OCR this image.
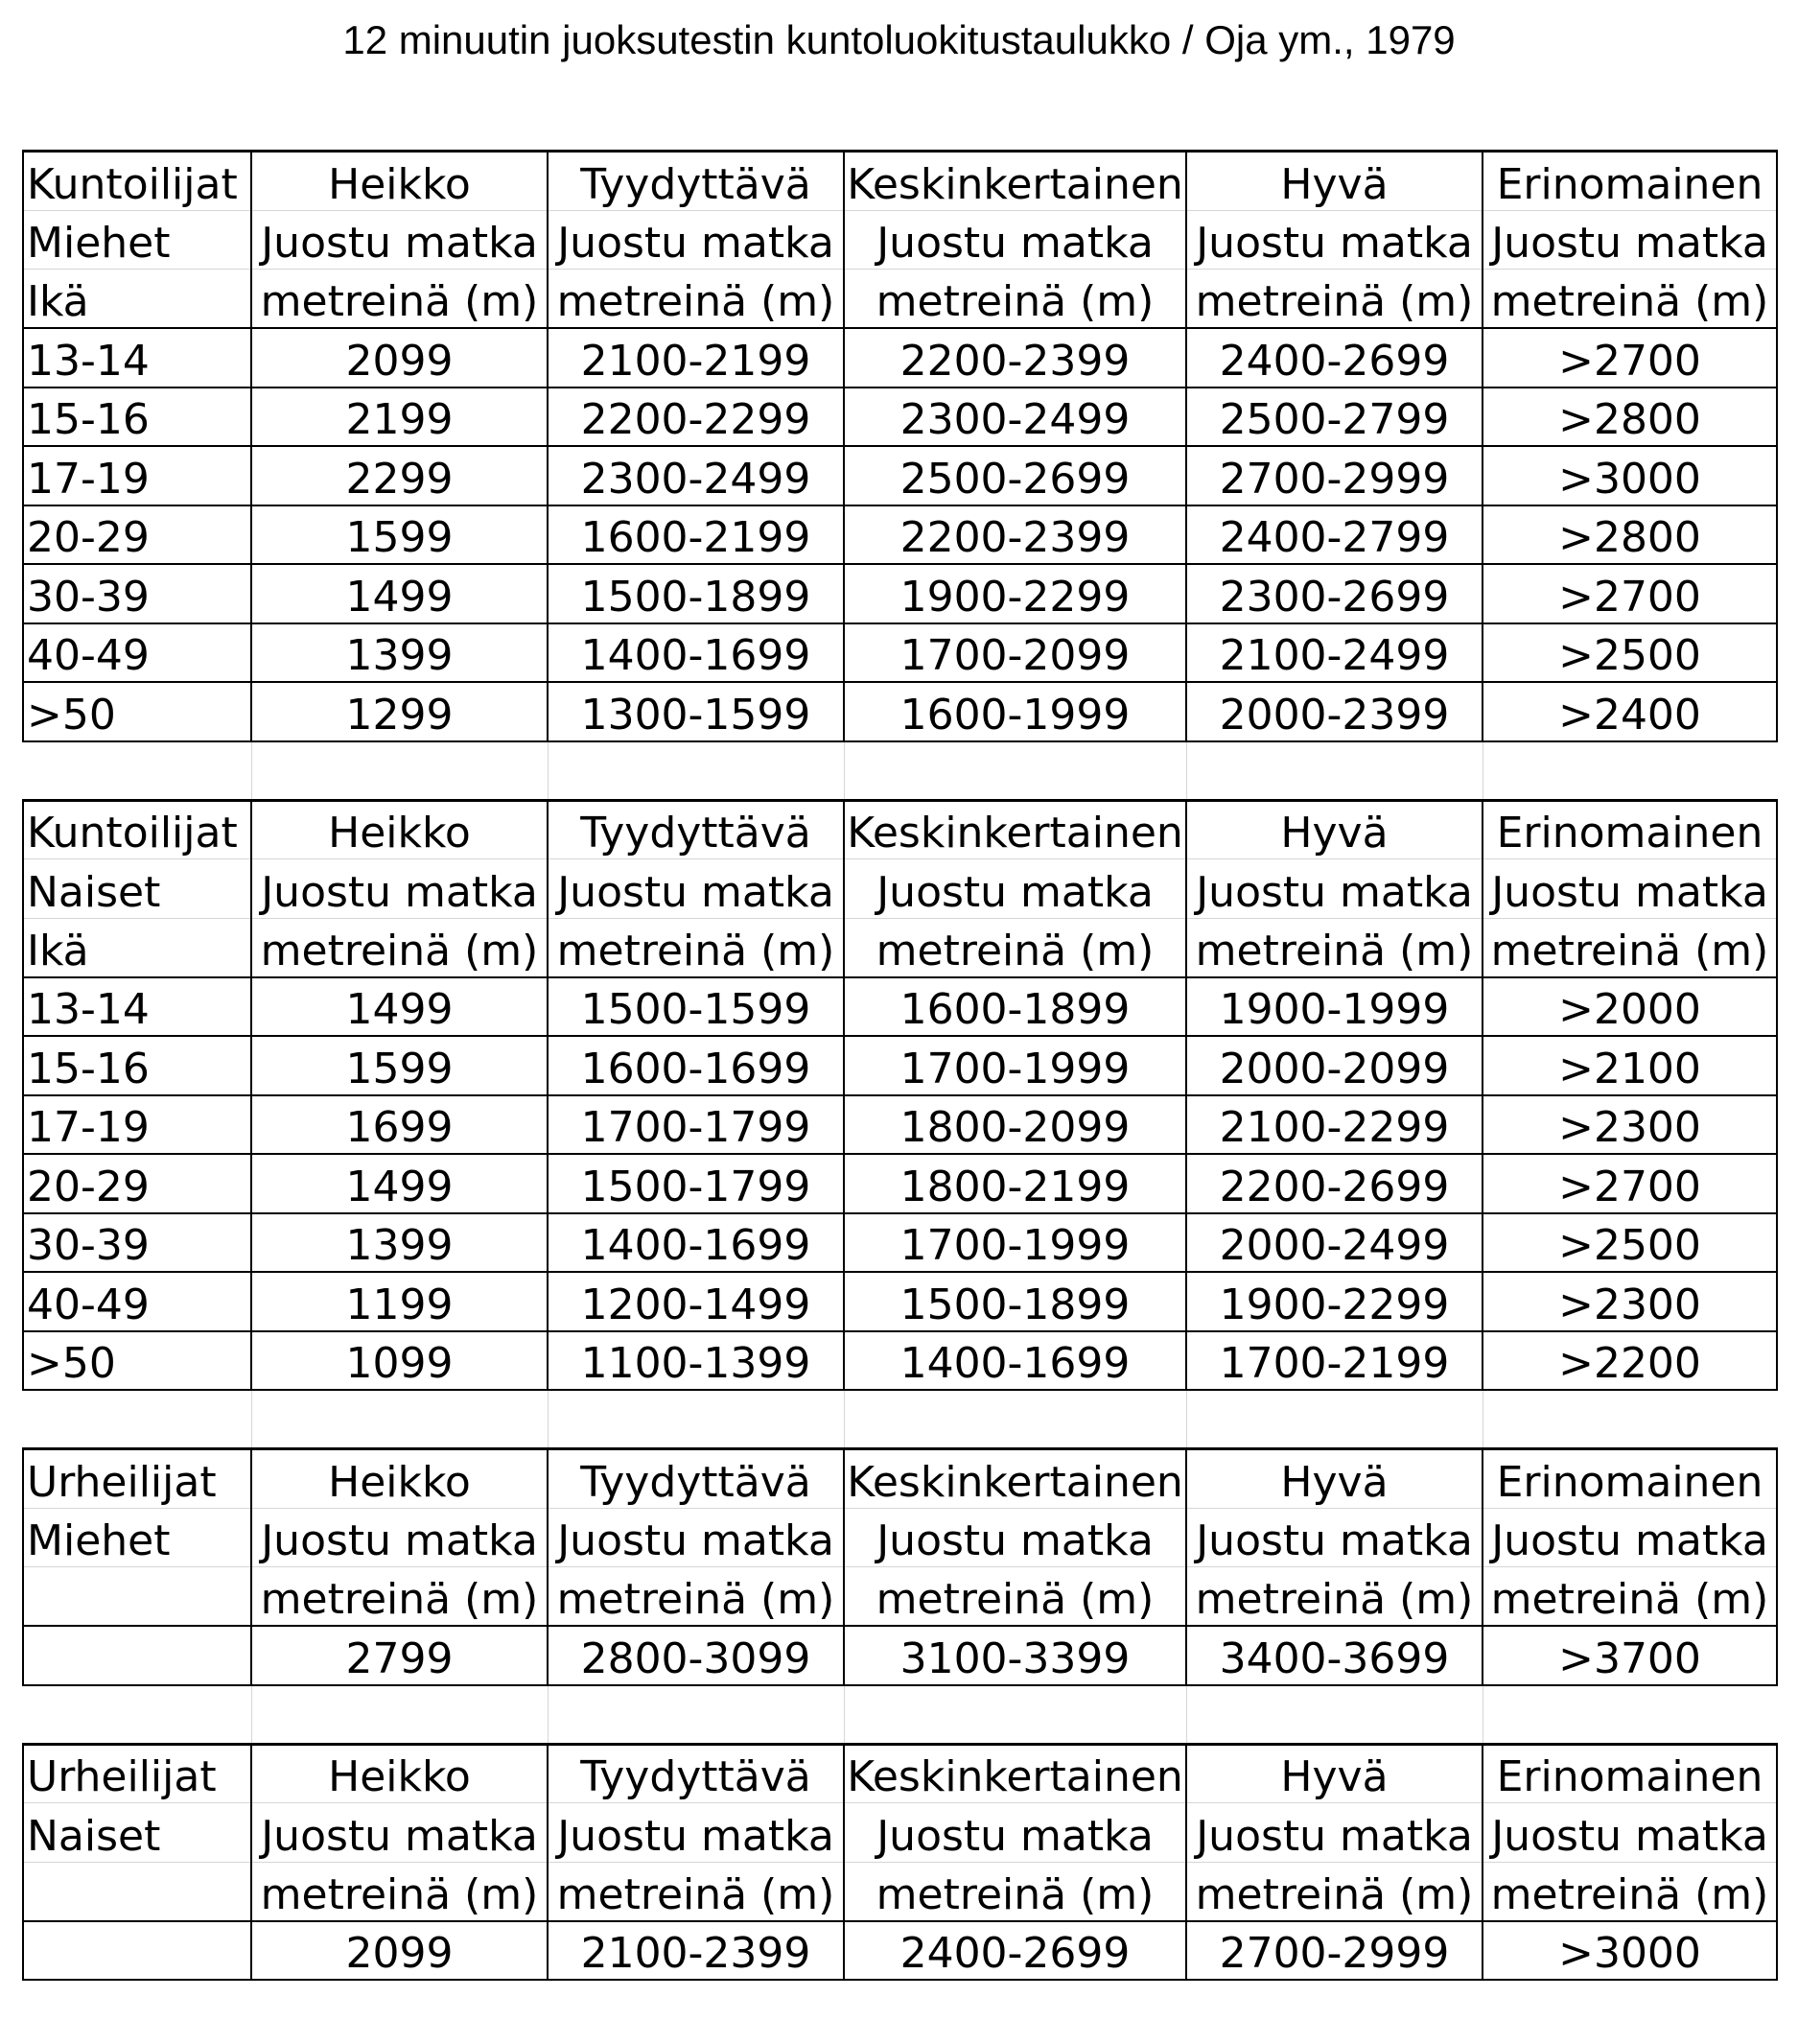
12 minuutin juoksutestin kuntoluokitustaulukko / Oja ym., 1979
Kuntoilijat	Heikko	Tyydyttävä	Keskinkertainen	Hyvä	Erinomainen
Miehet	Juostu matka	Juostu matka	Juostu matka	Juostu matka	Juostu matka
Ikä	metreinä (m)	metreinä (m)	metreinä (m)	metreinä (m)	metreinä (m)
13-14	2099	2100-2199	2200-2399	2400-2699	>2700
15-16	2199	2200-2299	2300-2499	2500-2799	>2800
17-19	2299	2300-2499	2500-2699	2700-2999	>3000
20-29	1599	1600-2199	2200-2399	2400-2799	>2800
30-39	1499	1500-1899	1900-2299	2300-2699	>2700
40-49	1399	1400-1699	1700-2099	2100-2499	>2500
>50	1299	1300-1599	1600-1999	2000-2399	>2400

Kuntoilijat	Heikko	Tyydyttävä	Keskinkertainen	Hyvä	Erinomainen
Naiset	Juostu matka	Juostu matka	Juostu matka	Juostu matka	Juostu matka
Ikä	metreinä (m)	metreinä (m)	metreinä (m)	metreinä (m)	metreinä (m)
13-14	1499	1500-1599	1600-1899	1900-1999	>2000
15-16	1599	1600-1699	1700-1999	2000-2099	>2100
17-19	1699	1700-1799	1800-2099	2100-2299	>2300
20-29	1499	1500-1799	1800-2199	2200-2699	>2700
30-39	1399	1400-1699	1700-1999	2000-2499	>2500
40-49	1199	1200-1499	1500-1899	1900-2299	>2300
>50	1099	1100-1399	1400-1699	1700-2199	>2200

Urheilijat	Heikko	Tyydyttävä	Keskinkertainen	Hyvä	Erinomainen
Miehet	Juostu matka	Juostu matka	Juostu matka	Juostu matka	Juostu matka
	metreinä (m)	metreinä (m)	metreinä (m)	metreinä (m)	metreinä (m)
	2799	2800-3099	3100-3399	3400-3699	>3700

Urheilijat	Heikko	Tyydyttävä	Keskinkertainen	Hyvä	Erinomainen
Naiset	Juostu matka	Juostu matka	Juostu matka	Juostu matka	Juostu matka
	metreinä (m)	metreinä (m)	metreinä (m)	metreinä (m)	metreinä (m)
	2099	2100-2399	2400-2699	2700-2999	>3000
